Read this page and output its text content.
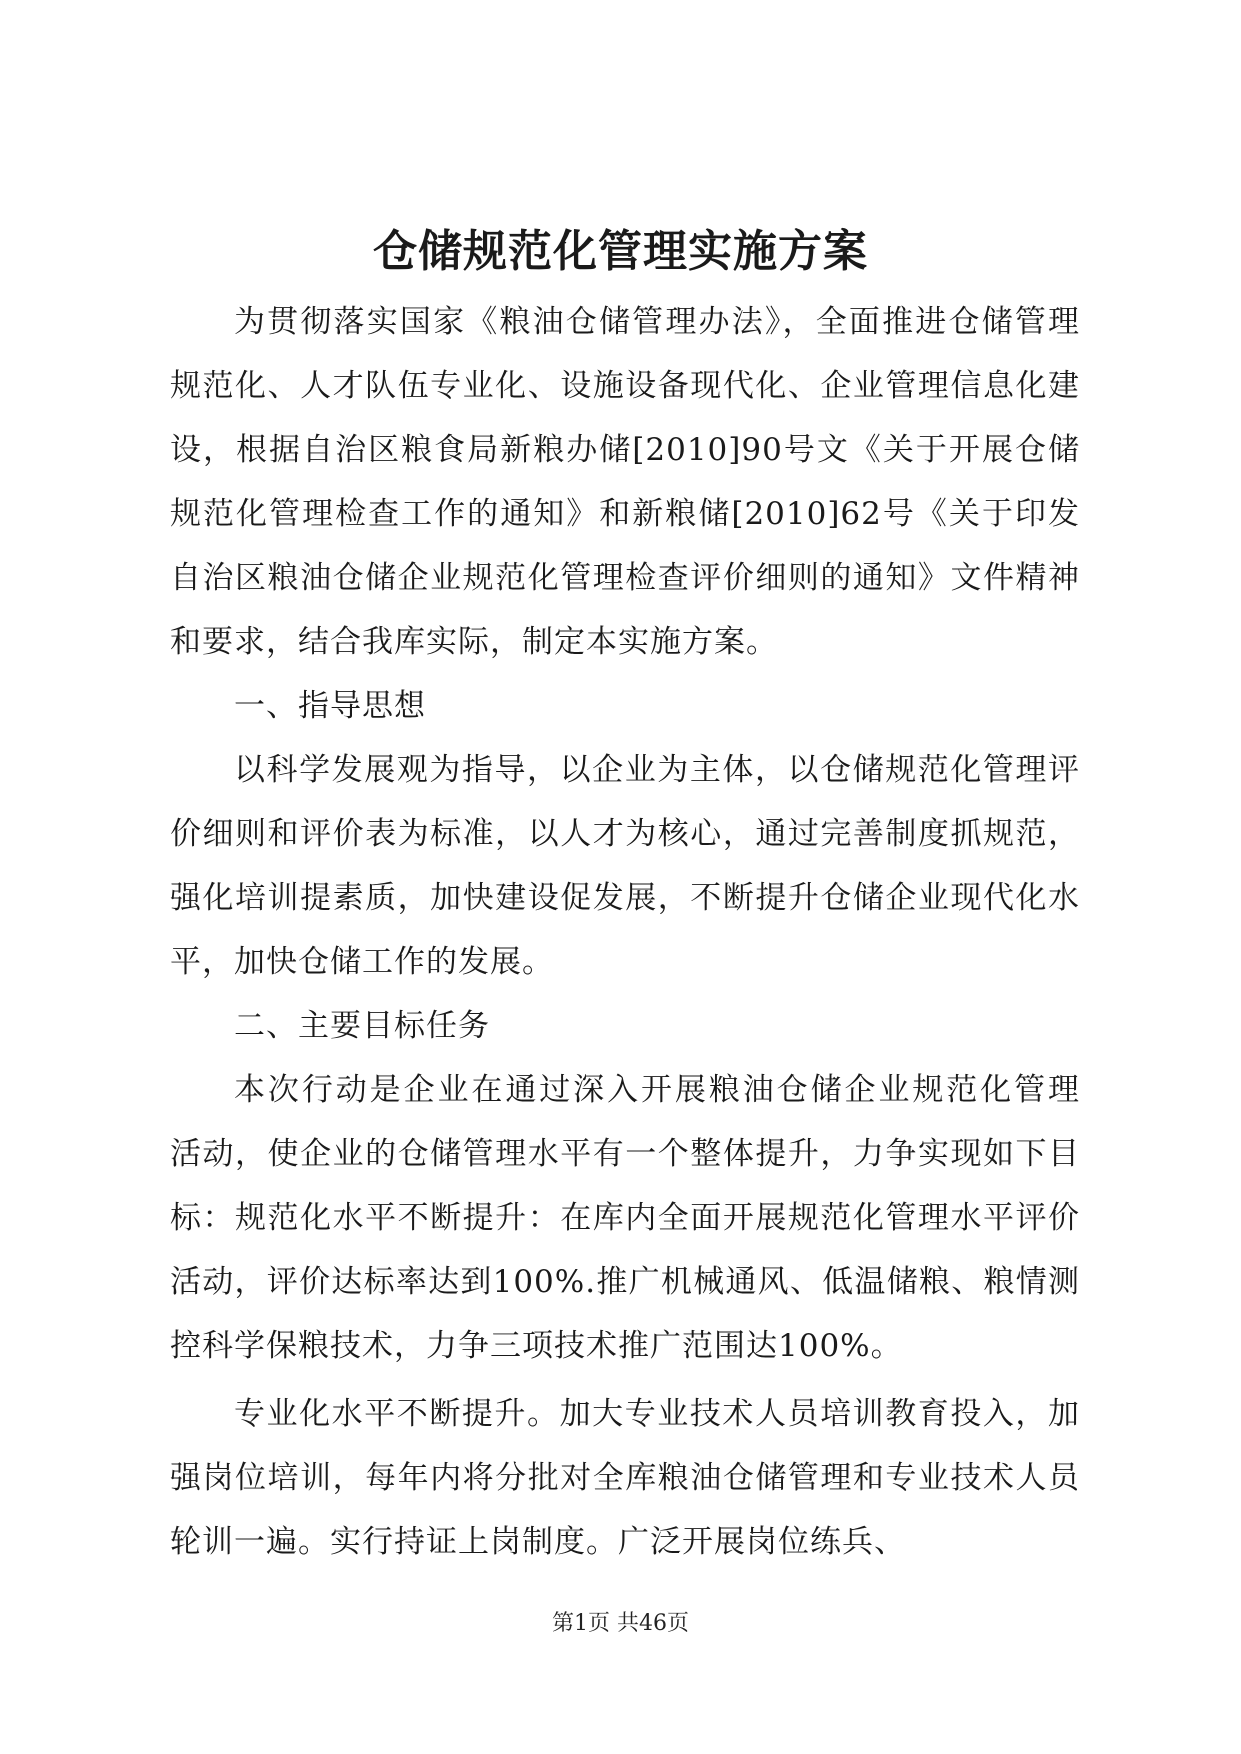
仓储规范化管理实施方案
为贯彻落实国家《粮油仓储管理办法》，全面推进仓储管理
规范化、人才队伍专业化、设施设备现代化、企业管理信息化建
设，根据自治区粮食局新粮办储[2010]90号文《关于开展仓储
规范化管理检查工作的通知》和新粮储[2010]62号《关于印发
自治区粮油仓储企业规范化管理检查评价细则的通知》文件精神
和要求，结合我库实际，制定本实施方案。
一、指导思想
以科学发展观为指导，以企业为主体，以仓储规范化管理评
价细则和评价表为标准，以人才为核心，通过完善制度抓规范，
强化培训提素质，加快建设促发展，不断提升仓储企业现代化水
平，加快仓储工作的发展。
二、主要目标任务
本次行动是企业在通过深入开展粮油仓储企业规范化管理
活动，使企业的仓储管理水平有一个整体提升，力争实现如下目
标：规范化水平不断提升：在库内全面开展规范化管理水平评价
活动，评价达标率达到100%.推广机械通风、低温储粮、粮情测
控科学保粮技术，力争三项技术推广范围达100%。
专业化水平不断提升。加大专业技术人员培训教育投入，加
强岗位培训，每年内将分批对全库粮油仓储管理和专业技术人员
轮训一遍。实行持证上岗制度。广泛开展岗位练兵、
第1页 共46页
